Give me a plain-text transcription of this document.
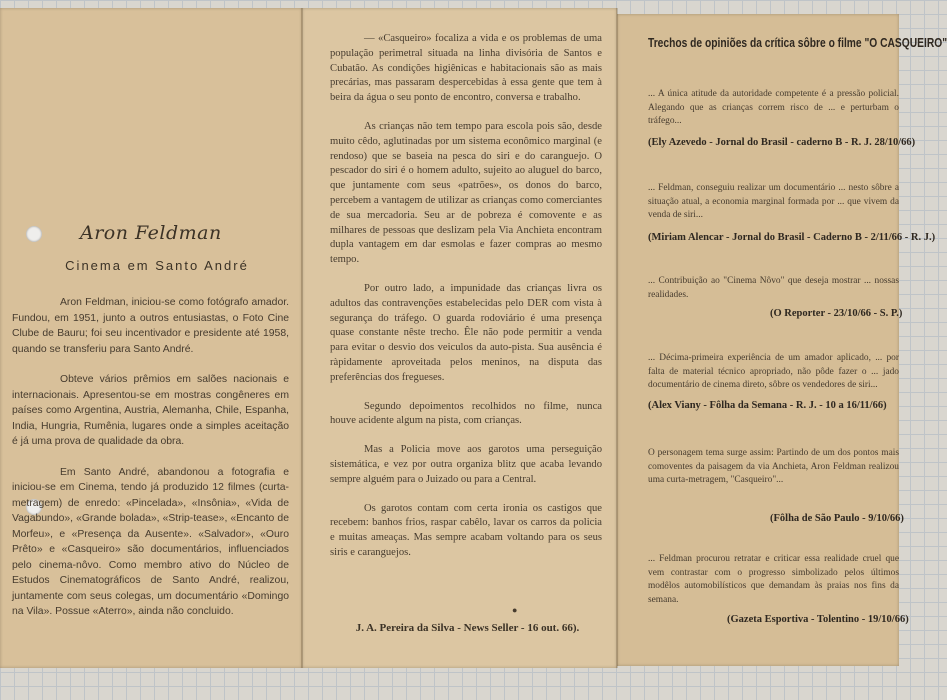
Aron Feldman
Cinema em Santo André

Aron Feldman, iniciou-se como fotógrafo amador. Fundou, em 1951, junto a outros entusiastas, o Foto Cine Clube de Bauru; foi seu incentivador e presidente até 1958, quando se transferiu para Santo André.

Obteve vários prêmios em salões nacionais e internacionais. Apresentou-se em mostras congêneres em países como Argentina, Austria, Alemanha, Chile, Espanha, India, Hungria, Rumênia, lugares onde a simples aceitação é já uma prova de qualidade da obra.

Em Santo André, abandonou a fotografia e iniciou-se em Cinema, tendo já produzido 12 filmes (curta-metragem) de enredo: «Pincelada», «Insônia», «Vida de Vagabundo», «Grande bolada», «Strip-tease», «Encanto de Morfeu», e «Presença da Ausente». «Salvador», «Ouro Prêto» e «Casqueiro» são documentários, influenciados pelo cinema-nôvo. Como membro ativo do Núcleo de Estudos Cinematográficos de Santo André, realizou, juntamente com seus colegas, um documentário «Domingo na Vila». Possue «Aterro», ainda não concluido.

— «Casqueiro» focaliza a vida e os problemas de uma população perimetral situada na linha divisória de Santos e Cubatão. As condições higiênicas e habitacionais são as mais precárias, mas passaram despercebidas à essa gente que tem à beira da água o seu ponto de encontro, conversa e trabalho.

As crianças não tem tempo para escola pois são, desde muito cêdo, aglutinadas por um sistema econômico marginal (e rendoso) que se baseia na pesca do siri e do caranguejo. O pescador do siri é o homem adulto, sujeito ao aluguel do barco, que juntamente com seus «patrões», os donos do barco, percebem a vantagem de utilizar as crianças como comerciantes de sua mercadoria. Seu ar de pobreza é comovente e as milhares de pessoas que deslizam pela Via Anchieta encontram dupla vantagem em dar esmolas e fazer compras ao mesmo tempo.

Por outro lado, a impunidade das crianças livra os adultos das contravenções estabelecidas pelo DER com vista à segurança do tráfego. O guarda rodoviário é uma presença quase constante nêste trecho. Êle não pode permitir a venda para evitar o desvio dos veiculos da auto-pista. Sua ausência é ràpidamente aproveitada pelos meninos, na disputa das preferências dos fregueses.

Segundo depoimentos recolhidos no filme, nunca houve acidente algum na pista, com crianças.

Mas a Policia move aos garotos uma perseguição sistemática, e vez por outra organiza blitz que acaba levando sempre alguém para o Juizado ou para a Central.

Os garotos contam com certa ironia os castigos que recebem: banhos frios, raspar cabêlo, lavar os carros da policia e muitas ameaças. Mas sempre acabam voltando para os seus siris e caranguejos.

●
J. A. Pereira da Silva - News Seller - 16 out. 66).
Trechos de opiniões da crítica sôbre o filme "O CASQUEIRO"
... A única atitude da autoridade competente é a pressão policial. Alegando que as crianças correm risco de ... e perturbam o tráfego...
(Ely Azevedo - Jornal do Brasil - caderno B - R. J. 28/10/66)
... Feldman, conseguiu realizar um documentário ... nesto sôbre a situação atual, a economia marginal formada por ... que vivem da venda de siri...
(Miriam Alencar - Jornal do Brasil - Caderno B - 2/11/66 - R. J.)
... Contribuição ao "Cinema Nôvo" que deseja mostrar ... nossas realidades.
(O Reporter - 23/10/66 - S. P.)
... Décima-primeira experiência de um amador aplicado, ... por falta de material técnico apropriado, não pôde fazer o ... jado documentário de cinema direto, sôbre os vendedores de siri...
(Alex Viany - Fôlha da Semana - R. J. - 10 a 16/11/66)
O personagem tema surge assim: Partindo de um dos pontos mais comoventes da paisagem da via Anchieta, Aron Feldman realizou uma curta-metragem, "Casqueiro"...
(Fôlha de São Paulo - 9/10/66)
... Feldman procurou retratar e criticar essa realidade cruel que vem contrastar com o progresso simbolizado pelos últimos modêlos automobilísticos que demandam às praias nos fins da semana.
(Gazeta Esportiva - Tolentino - 19/10/66)
